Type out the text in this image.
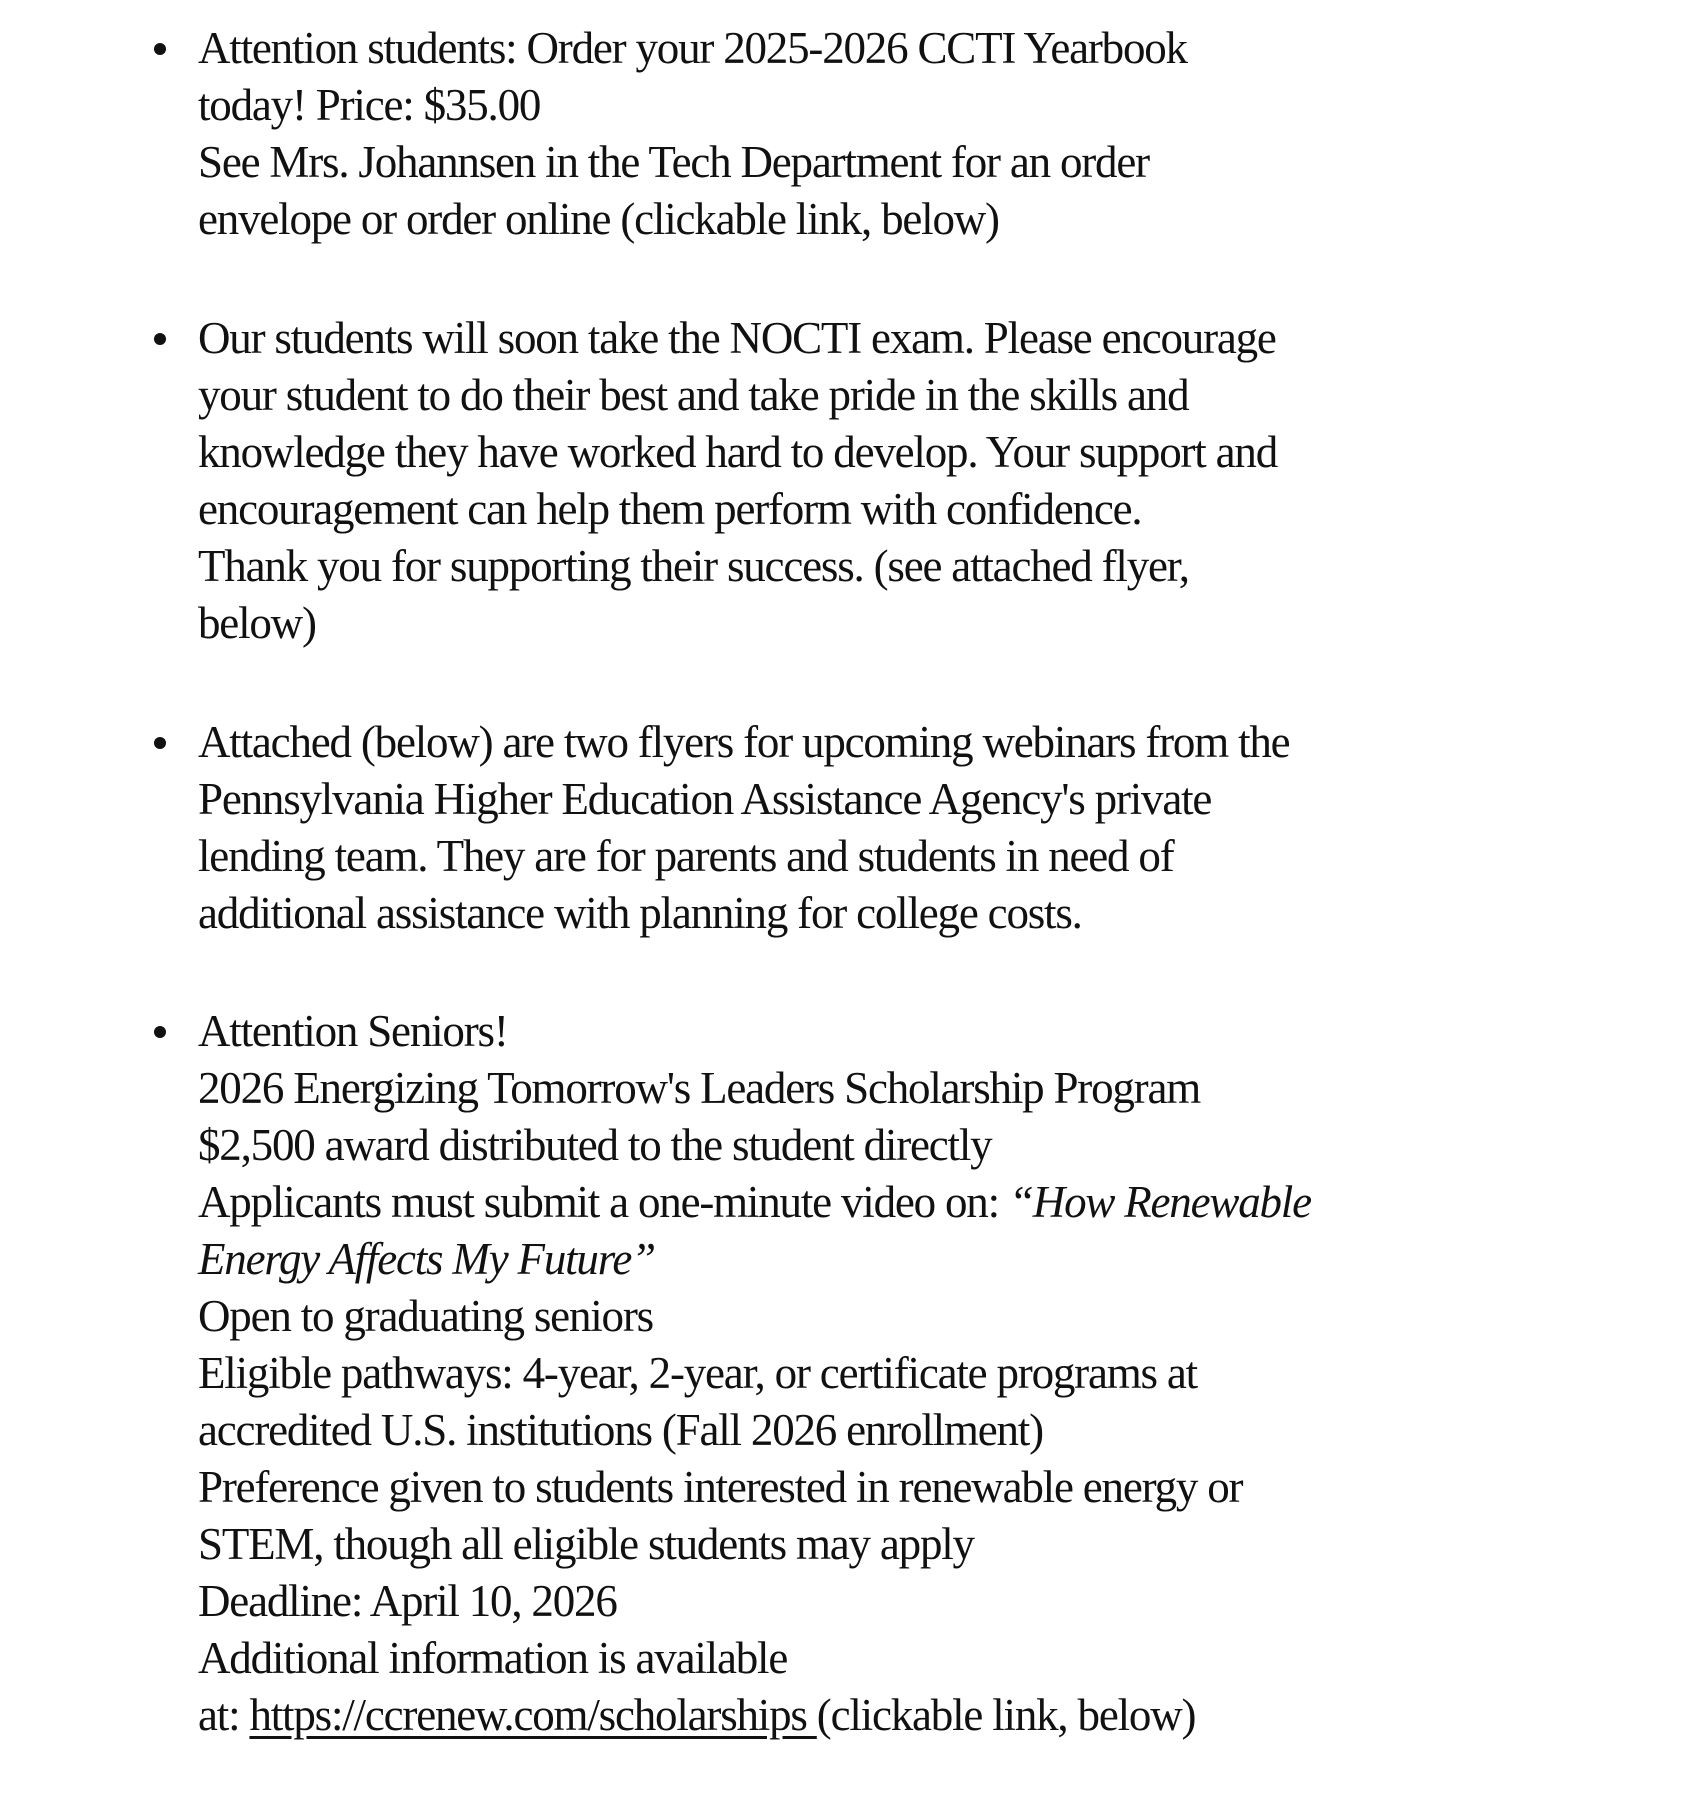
Attention students: Order your 2025-2026 CCTI Yearbook
today! Price: $35.00
See Mrs. Johannsen in the Tech Department for an order
envelope or order online (clickable link, below)
Our students will soon take the NOCTI exam. Please encourage
your student to do their best and take pride in the skills and
knowledge they have worked hard to develop. Your support and
encouragement can help them perform with confidence.
Thank you for supporting their success. (see attached flyer,
below)
Attached (below) are two flyers for upcoming webinars from the
Pennsylvania Higher Education Assistance Agency's private
lending team. They are for parents and students in need of
additional assistance with planning for college costs.
Attention Seniors!
2026 Energizing Tomorrow's Leaders Scholarship Program
$2,500 award distributed to the student directly
Applicants must submit a one-minute video on: “How Renewable
Energy Affects My Future”
Open to graduating seniors
Eligible pathways: 4-year, 2-year, or certificate programs at
accredited U.S. institutions (Fall 2026 enrollment)
Preference given to students interested in renewable energy or
STEM, though all eligible students may apply
Deadline: April 10, 2026
Additional information is available
at: https://ccrenew.com/scholarships (clickable link, below)
